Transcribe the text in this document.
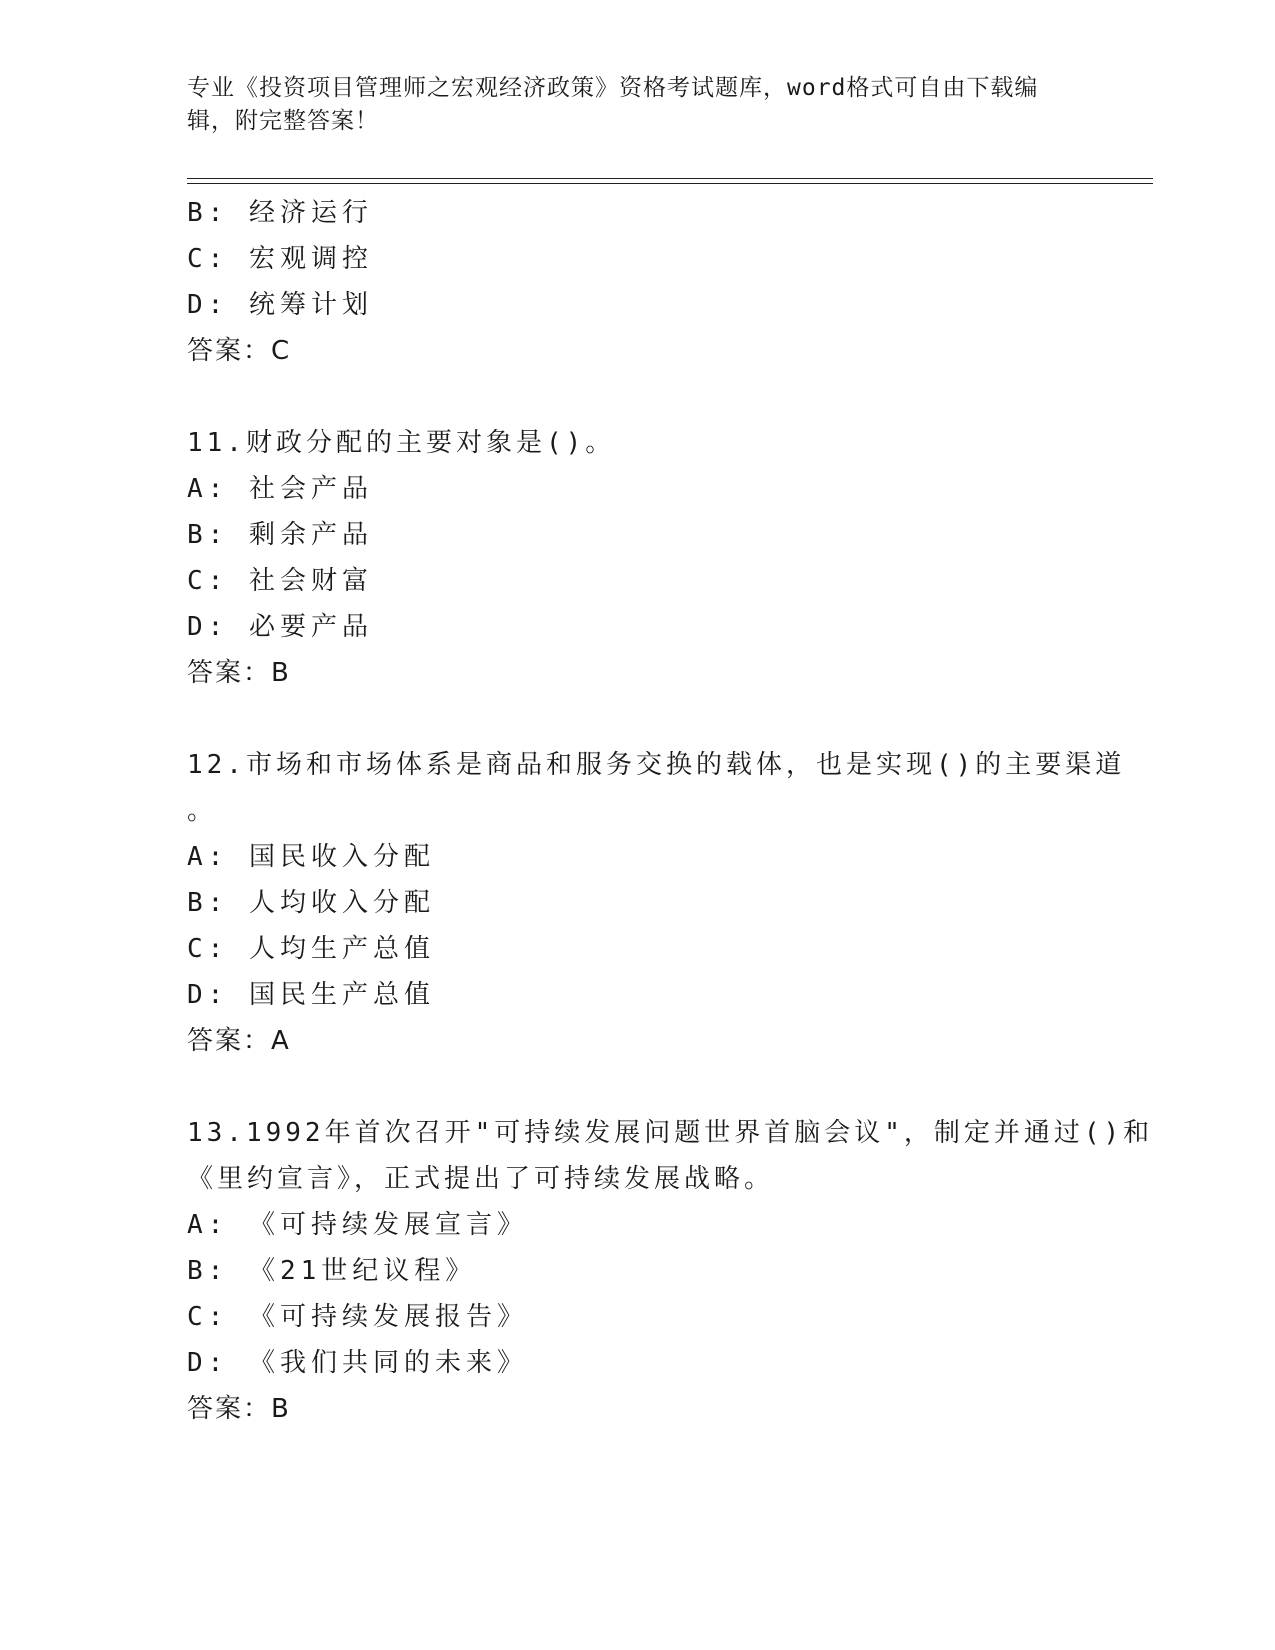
专业《投资项目管理师之宏观经济政策》资格考试题库，word格式可自由下载编
辑，附完整答案！
B: 经济运行
C: 宏观调控
D: 统筹计划
答案：C
11.财政分配的主要对象是()。
A: 社会产品
B: 剩余产品
C: 社会财富
D: 必要产品
答案：B
12.市场和市场体系是商品和服务交换的载体，也是实现()的主要渠道
。
A: 国民收入分配
B: 人均收入分配
C: 人均生产总值
D: 国民生产总值
答案：A
13.1992年首次召开"可持续发展问题世界首脑会议"，制定并通过()和
《里约宣言》，正式提出了可持续发展战略。
A: 《可持续发展宣言》
B: 《21世纪议程》
C: 《可持续发展报告》
D: 《我们共同的未来》
答案：B
